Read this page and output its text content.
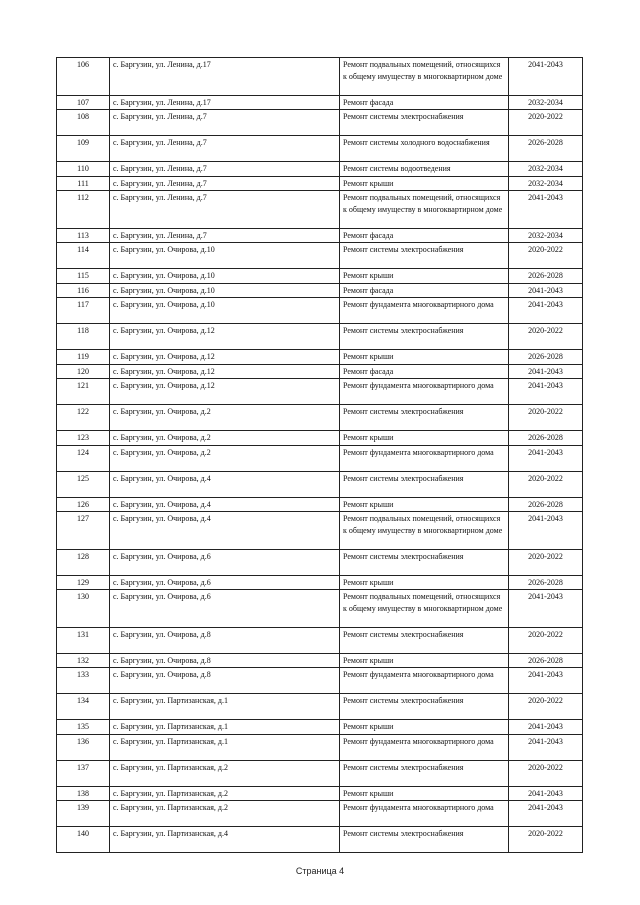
106	с. Баргузин, ул. Ленина, д.17	Ремонт подвальных помещений, относящихся к общему имуществу в многоквартирном доме	2041-2043
107	с. Баргузин, ул. Ленина, д.17	Ремонт фасада	2032-2034
108	с. Баргузин, ул. Ленина, д.7	Ремонт системы электроснабжения	2020-2022
109	с. Баргузин, ул. Ленина, д.7	Ремонт системы холодного водоснабжения	2026-2028
110	с. Баргузин, ул. Ленина, д.7	Ремонт системы водоотведения	2032-2034
111	с. Баргузин, ул. Ленина, д.7	Ремонт крыши	2032-2034
112	с. Баргузин, ул. Ленина, д.7	Ремонт подвальных помещений, относящихся к общему имуществу в многоквартирном доме	2041-2043
113	с. Баргузин, ул. Ленина, д.7	Ремонт фасада	2032-2034
114	с. Баргузин, ул. Очирова, д.10	Ремонт системы электроснабжения	2020-2022
115	с. Баргузин, ул. Очирова, д.10	Ремонт крыши	2026-2028
116	с. Баргузин, ул. Очирова, д.10	Ремонт фасада	2041-2043
117	с. Баргузин, ул. Очирова, д.10	Ремонт фундамента многоквартирного дома	2041-2043
118	с. Баргузин, ул. Очирова, д.12	Ремонт системы электроснабжения	2020-2022
119	с. Баргузин, ул. Очирова, д.12	Ремонт крыши	2026-2028
120	с. Баргузин, ул. Очирова, д.12	Ремонт фасада	2041-2043
121	с. Баргузин, ул. Очирова, д.12	Ремонт фундамента многоквартирного дома	2041-2043
122	с. Баргузин, ул. Очирова, д.2	Ремонт системы электроснабжения	2020-2022
123	с. Баргузин, ул. Очирова, д.2	Ремонт крыши	2026-2028
124	с. Баргузин, ул. Очирова, д.2	Ремонт фундамента многоквартирного дома	2041-2043
125	с. Баргузин, ул. Очирова, д.4	Ремонт системы электроснабжения	2020-2022
126	с. Баргузин, ул. Очирова, д.4	Ремонт крыши	2026-2028
127	с. Баргузин, ул. Очирова, д.4	Ремонт подвальных помещений, относящихся к общему имуществу в многоквартирном доме	2041-2043
128	с. Баргузин, ул. Очирова, д.6	Ремонт системы электроснабжения	2020-2022
129	с. Баргузин, ул. Очирова, д.6	Ремонт крыши	2026-2028
130	с. Баргузин, ул. Очирова, д.6	Ремонт подвальных помещений, относящихся к общему имуществу в многоквартирном доме	2041-2043
131	с. Баргузин, ул. Очирова, д.8	Ремонт системы электроснабжения	2020-2022
132	с. Баргузин, ул. Очирова, д.8	Ремонт крыши	2026-2028
133	с. Баргузин, ул. Очирова, д.8	Ремонт фундамента многоквартирного дома	2041-2043
134	с. Баргузин, ул. Партизанская, д.1	Ремонт системы электроснабжения	2020-2022
135	с. Баргузин, ул. Партизанская, д.1	Ремонт крыши	2041-2043
136	с. Баргузин, ул. Партизанская, д.1	Ремонт фундамента многоквартирного дома	2041-2043
137	с. Баргузин, ул. Партизанская, д.2	Ремонт системы электроснабжения	2020-2022
138	с. Баргузин, ул. Партизанская, д.2	Ремонт крыши	2041-2043
139	с. Баргузин, ул. Партизанская, д.2	Ремонт фундамента многоквартирного дома	2041-2043
140	с. Баргузин, ул. Партизанская, д.4	Ремонт системы электроснабжения	2020-2022
Страница 4
